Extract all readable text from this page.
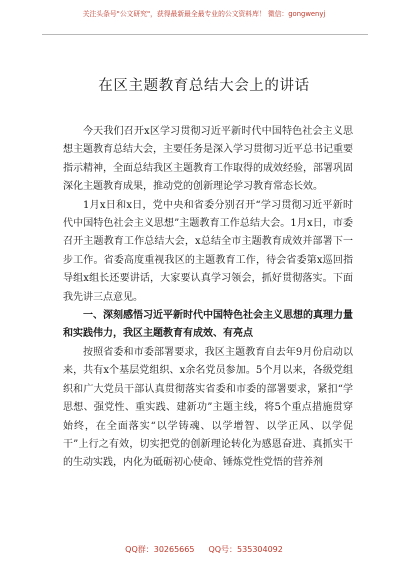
关注头条号"公文研究"，获得最新最全最专业的公文资料库！ 微信：gongwenyj
在区主题教育总结大会上的讲话

今天我们召开x区学习贯彻习近平新时代中国特色社会主义思想主题教育总结大会，主要任务是深入学习贯彻习近平总书记重要指示精神，全面总结我区主题教育工作取得的成效经验，部署巩固深化主题教育成果，推动党的创新理论学习教育常态长效。

1月x日和x日，党中央和省委分别召开“学习贯彻习近平新时代中国特色社会主义思想”主题教育工作总结大会。1月x日，市委召开主题教育工作总结大会，x总结全市主题教育成效并部署下一步工作。省委高度重视我区的主题教育工作，待会省委第x巡回指导组x组长还要讲话，大家要认真学习领会，抓好贯彻落实。下面我先讲三点意见。

一、深刻感悟习近平新时代中国特色社会主义思想的真理力量和实践伟力，我区主题教育有成效、有亮点

按照省委和市委部署要求，我区主题教育自去年9月份启动以来，共有x个基层党组织、x余名党员参加。5个月以来，各级党组织和广大党员干部认真贯彻落实省委和市委的部署要求，紧扣“学思想、强党性、重实践、建新功”主题主线，将5个重点措施贯穿始终，在全面落实“以学铸魂、以学增智、以学正风、以学促干”上行之有效，切实把党的创新理论转化为感恩奋进、真抓实干的生动实践，内化为砥砺初心使命、锤炼党性党悟的营养剂

QQ群：30265665 QQ号：535304092
